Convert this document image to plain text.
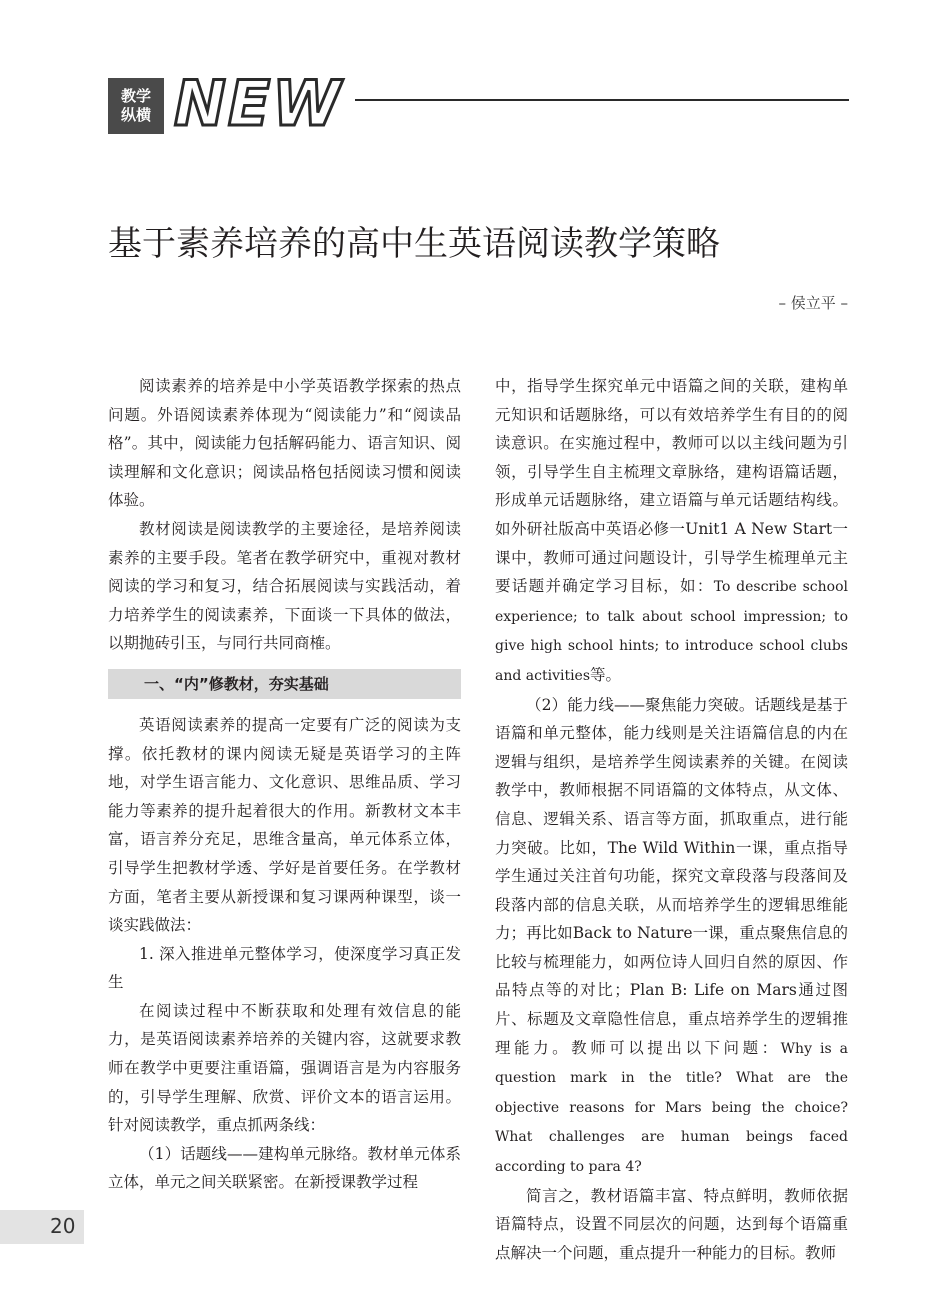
教学
纵横 NEW
基于素养培养的高中生英语阅读教学策略
– 侯立平 –

阅读素养的培养是中小学英语教学探索的热点问题。外语阅读素养体现为“阅读能力”和“阅读品格”。其中，阅读能力包括解码能力、语言知识、阅读理解和文化意识；阅读品格包括阅读习惯和阅读体验。

教材阅读是阅读教学的主要途径，是培养阅读素养的主要手段。笔者在教学研究中，重视对教材阅读的学习和复习，结合拓展阅读与实践活动，着力培养学生的阅读素养，下面谈一下具体的做法，以期抛砖引玉，与同行共同商榷。

一、“内”修教材，夯实基础

英语阅读素养的提高一定要有广泛的阅读为支撑。依托教材的课内阅读无疑是英语学习的主阵地，对学生语言能力、文化意识、思维品质、学习能力等素养的提升起着很大的作用。新教材文本丰富，语言养分充足，思维含量高，单元体系立体，引导学生把教材学透、学好是首要任务。在学教材方面，笔者主要从新授课和复习课两种课型，谈一谈实践做法：

1. 深入推进单元整体学习，使深度学习真正发生

在阅读过程中不断获取和处理有效信息的能力，是英语阅读素养培养的关键内容，这就要求教师在教学中更要注重语篇，强调语言是为内容服务的，引导学生理解、欣赏、评价文本的语言运用。针对阅读教学，重点抓两条线：

（1）话题线——建构单元脉络。教材单元体系立体，单元之间关联紧密。在新授课教学过程

中，指导学生探究单元中语篇之间的关联，建构单元知识和话题脉络，可以有效培养学生有目的的阅读意识。在实施过程中，教师可以以主线问题为引领，引导学生自主梳理文章脉络，建构语篇话题，形成单元话题脉络，建立语篇与单元话题结构线。如外研社版高中英语必修一Unit1 A New Start一课中，教师可通过问题设计，引导学生梳理单元主要话题并确定学习目标，如：To describe school experience; to talk about school impression; to give high school hints; to introduce school clubs and activities等。

（2）能力线——聚焦能力突破。话题线是基于语篇和单元整体，能力线则是关注语篇信息的内在逻辑与组织，是培养学生阅读素养的关键。在阅读教学中，教师根据不同语篇的文体特点，从文体、信息、逻辑关系、语言等方面，抓取重点，进行能力突破。比如，The Wild Within一课，重点指导学生通过关注首句功能，探究文章段落与段落间及段落内部的信息关联，从而培养学生的逻辑思维能力；再比如Back to Nature一课，重点聚焦信息的比较与梳理能力，如两位诗人回归自然的原因、作品特点等的对比；Plan B: Life on Mars通过图片、标题及文章隐性信息，重点培养学生的逻辑推理能力。教师可以提出以下问题：Why is a question mark in the title? What are the objective reasons for Mars being the choice? What challenges are human beings faced according to para 4?

简言之，教材语篇丰富、特点鲜明，教师依据语篇特点，设置不同层次的问题，达到每个语篇重点解决一个问题，重点提升一种能力的目标。教师

20
